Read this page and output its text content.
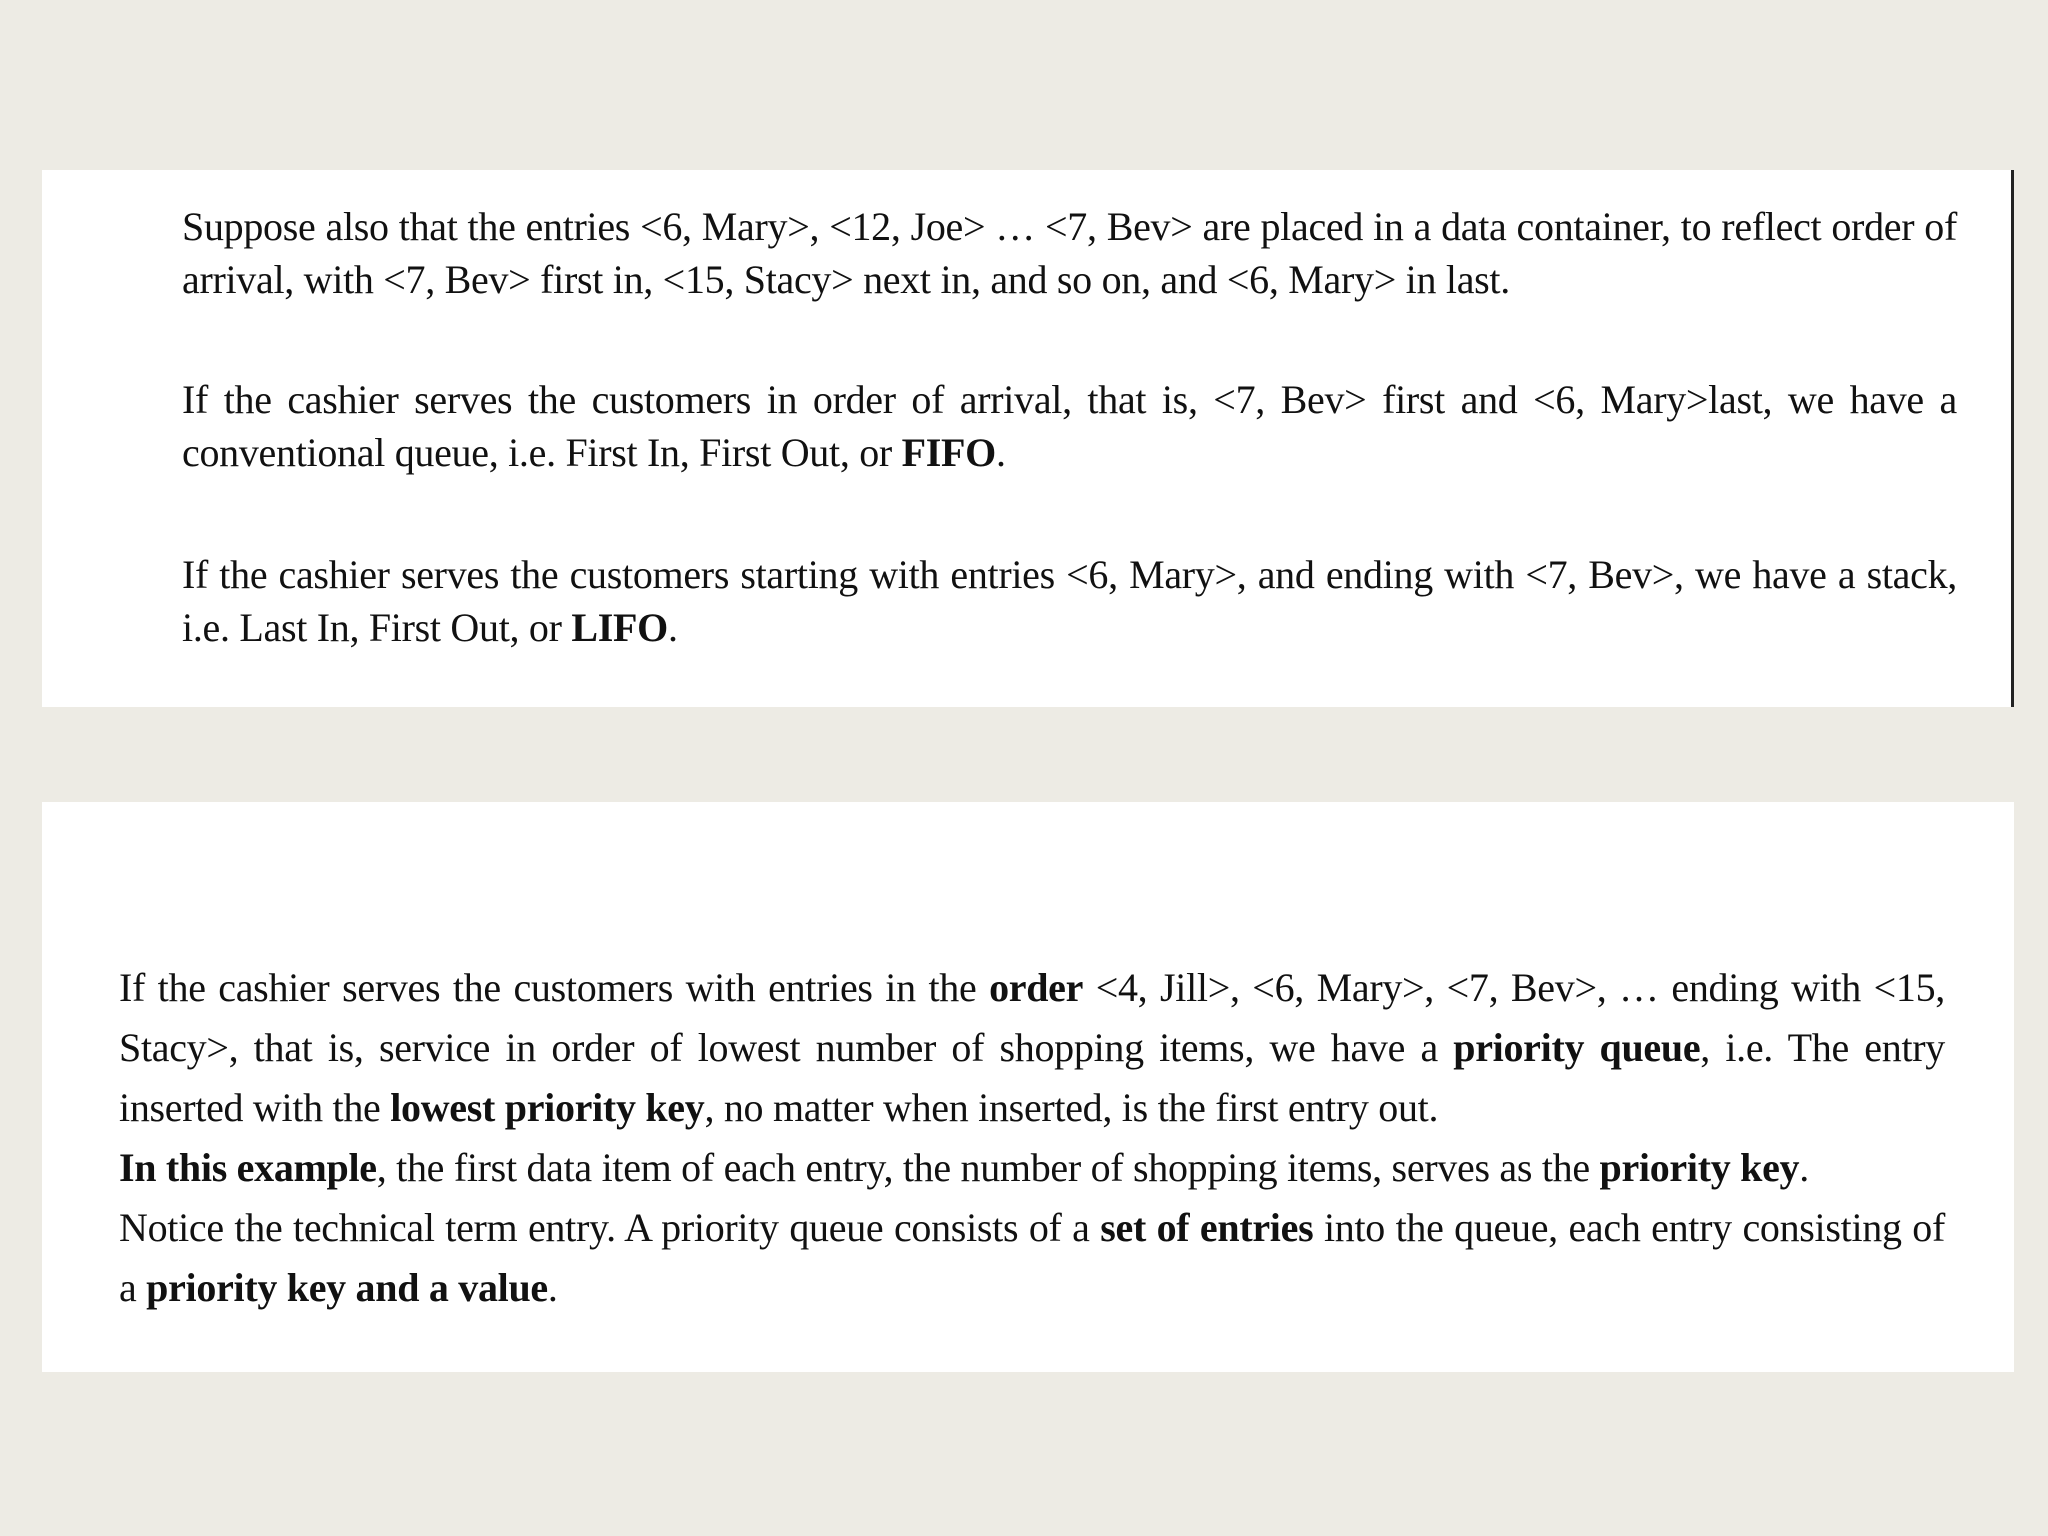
Suppose also that the entries <6, Mary>, <12, Joe> … <7, Bev> are placed in a data container, to reflect order of arrival, with <7, Bev> first in, <15, Stacy> next in, and so on, and <6, Mary> in last.

If the cashier serves the customers in order of arrival, that is, <7, Bev> first and <6, Mary>last, we have a conventional queue, i.e. First In, First Out, or FIFO.

If the cashier serves the customers starting with entries <6, Mary>, and ending with <7, Bev>, we have a stack, i.e. Last In, First Out, or LIFO.

If the cashier serves the customers with entries in the order <4, Jill>, <6, Mary>, <7, Bev>, … ending with <15, Stacy>, that is, service in order of lowest number of shopping items, we have a priority queue, i.e. The entry inserted with the lowest priority key, no matter when inserted, is the first entry out.

In this example, the first data item of each entry, the number of shopping items, serves as the priority key.

Notice the technical term entry. A priority queue consists of a set of entries into the queue, each entry consisting of a priority key and a value.
